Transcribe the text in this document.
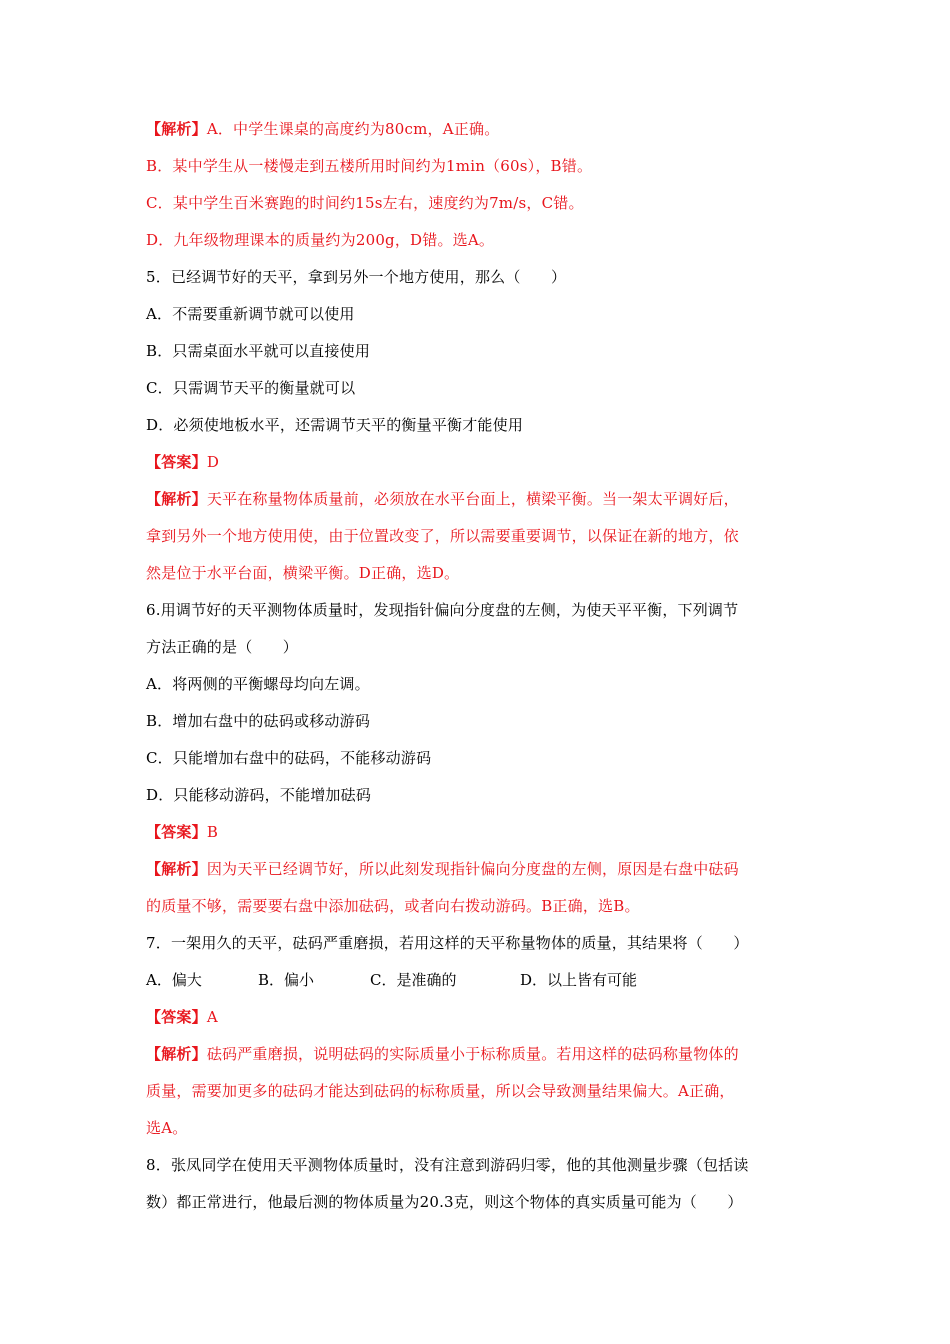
【解析】A．中学生课桌的高度约为80cm，A正确。
B．某中学生从一楼慢走到五楼所用时间约为1min（60s），B错。
C．某中学生百米赛跑的时间约15s左右，速度约为7m/s，C错。
D．九年级物理课本的质量约为200g，D错。选A。
5．已经调节好的天平，拿到另外一个地方使用，那么（　　）
A．不需要重新调节就可以使用
B．只需桌面水平就可以直接使用
C．只需调节天平的衡量就可以
D．必须使地板水平，还需调节天平的衡量平衡才能使用
【答案】D
【解析】天平在称量物体质量前，必须放在水平台面上，横梁平衡。当一架太平调好后，
拿到另外一个地方使用使，由于位置改变了，所以需要重要调节，以保证在新的地方，依
然是位于水平台面，横梁平衡。D正确，选D。
6.用调节好的天平测物体质量时，发现指针偏向分度盘的左侧，为使天平平衡，下列调节
方法正确的是（　　）
A．将两侧的平衡螺母均向左调。
B．增加右盘中的砝码或移动游码
C．只能增加右盘中的砝码，不能移动游码
D．只能移动游码，不能增加砝码
【答案】B
【解析】因为天平已经调节好，所以此刻发现指针偏向分度盘的左侧，原因是右盘中砝码
的质量不够，需要要右盘中添加砝码，或者向右拨动游码。B正确，选B。
7．一架用久的天平，砝码严重磨损，若用这样的天平称量物体的质量，其结果将（　　）
A．偏大	B．偏小	C．是准确的	D．以上皆有可能
【答案】A
【解析】砝码严重磨损，说明砝码的实际质量小于标称质量。若用这样的砝码称量物体的
质量，需要加更多的砝码才能达到砝码的标称质量，所以会导致测量结果偏大。A正确，
选A。
8．张凤同学在使用天平测物体质量时，没有注意到游码归零，他的其他测量步骤（包括读
数）都正常进行，他最后测的物体质量为20.3克，则这个物体的真实质量可能为（　　）
